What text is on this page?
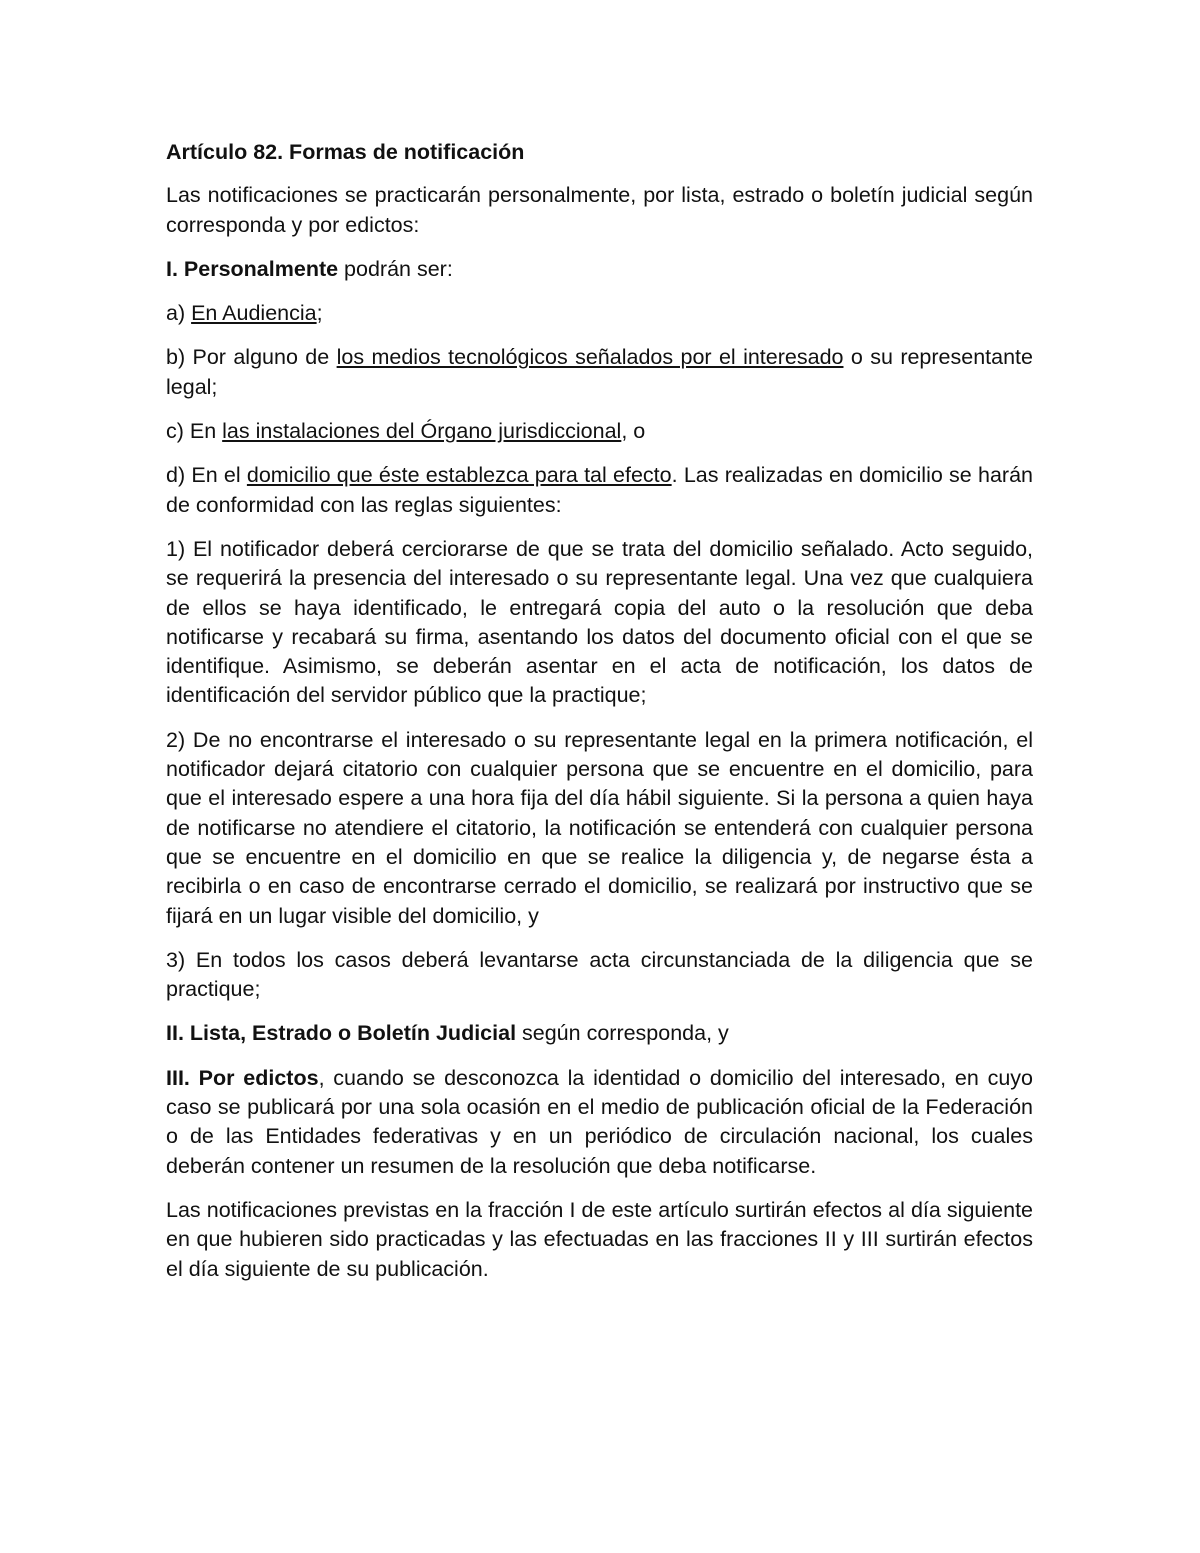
Artículo 82. Formas de notificación

Las notificaciones se practicarán personalmente, por lista, estrado o boletín judicial según corresponda y por edictos:

I. Personalmente podrán ser:

a) En Audiencia;

b) Por alguno de los medios tecnológicos señalados por el interesado o su representante legal;

c) En las instalaciones del Órgano jurisdiccional, o

d) En el domicilio que éste establezca para tal efecto. Las realizadas en domicilio se harán de conformidad con las reglas siguientes:

1) El notificador deberá cerciorarse de que se trata del domicilio señalado. Acto seguido, se requerirá la presencia del interesado o su representante legal. Una vez que cualquiera de ellos se haya identificado, le entregará copia del auto o la resolución que deba notificarse y recabará su firma, asentando los datos del documento oficial con el que se identifique. Asimismo, se deberán asentar en el acta de notificación, los datos de identificación del servidor público que la practique;

2) De no encontrarse el interesado o su representante legal en la primera notificación, el notificador dejará citatorio con cualquier persona que se encuentre en el domicilio, para que el interesado espere a una hora fija del día hábil siguiente. Si la persona a quien haya de notificarse no atendiere el citatorio, la notificación se entenderá con cualquier persona que se encuentre en el domicilio en que se realice la diligencia y, de negarse ésta a recibirla o en caso de encontrarse cerrado el domicilio, se realizará por instructivo que se fijará en un lugar visible del domicilio, y

3) En todos los casos deberá levantarse acta circunstanciada de la diligencia que se practique;

II. Lista, Estrado o Boletín Judicial según corresponda, y

III. Por edictos, cuando se desconozca la identidad o domicilio del interesado, en cuyo caso se publicará por una sola ocasión en el medio de publicación oficial de la Federación o de las Entidades federativas y en un periódico de circulación nacional, los cuales deberán contener un resumen de la resolución que deba notificarse.

Las notificaciones previstas en la fracción I de este artículo surtirán efectos al día siguiente en que hubieren sido practicadas y las efectuadas en las fracciones II y III surtirán efectos el día siguiente de su publicación.
